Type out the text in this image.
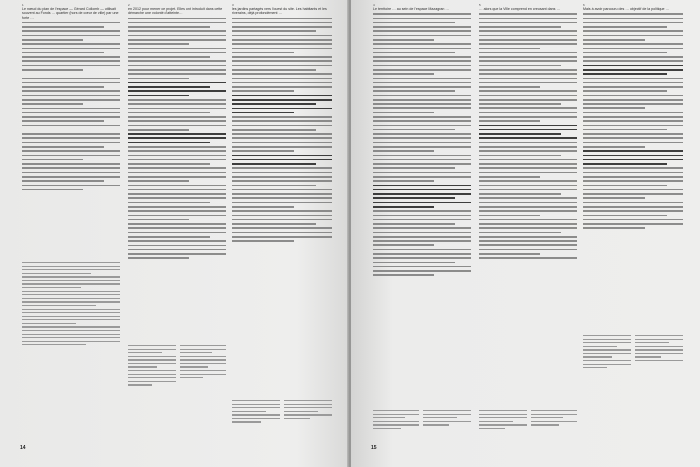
1	2	3
Le nœud du plan de l'espace — Gérard Collomb — utilisait souvent au Fonds … quartier (hors de cœur de ville) par une forte …
en 2012 pour mener ce projet. Elles ont introduit dans cette démarche une volonté d'atteinte…
les jardins partagés vers l'ouest du site. Les habitants et les riverains, déjà profondément …
14
4	5	6
Le territoire … au sein de l'espace Mazagran …	… alors que la Ville comprend en creusant dans …	Mais à avoir parcouru des … objectif de la politique …
15
